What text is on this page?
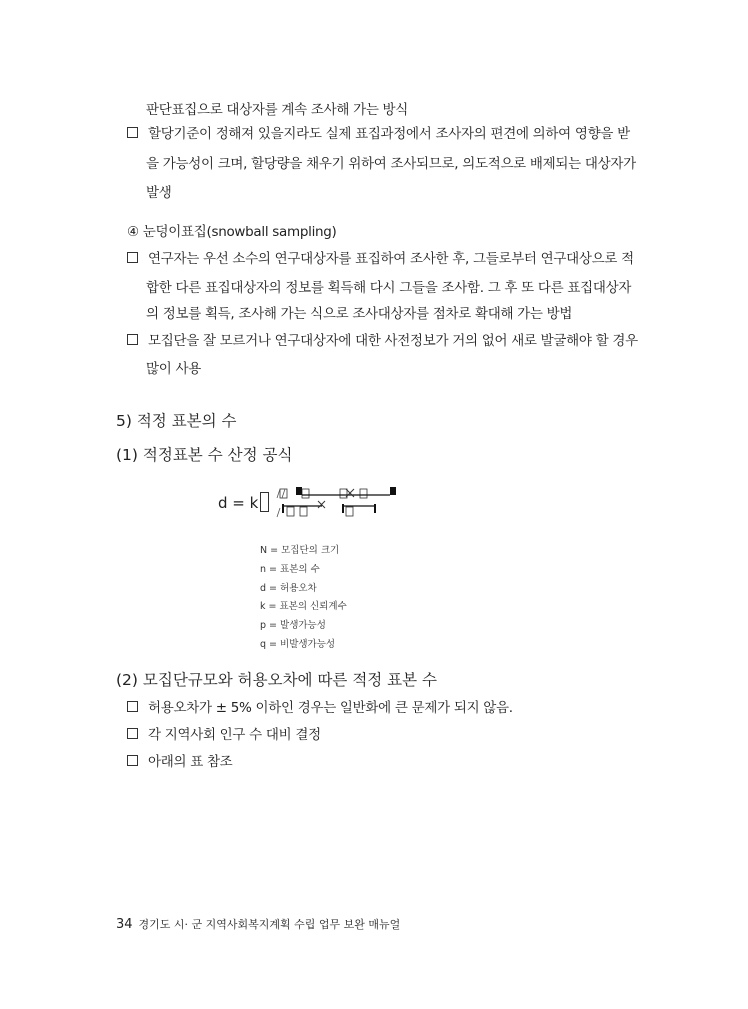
판단표집으로 대상자를 계속 조사해 가는 방식
할당기준이 정해져 있을지라도 실제 표집과정에서 조사자의 편견에 의하여 영향을 받
을 가능성이 크며, 할당량을 채우기 위하여 조사되므로, 의도적으로 배제되는 대상자가
발생
④ 눈덩이표집(snowball sampling)
연구자는 우선 소수의 연구대상자를 표집하여 조사한 후, 그들로부터 연구대상으로 적
합한 다른 표집대상자의 정보를 획득해 다시 그들을 조사함. 그 후 또 다른 표집대상자
의 정보를 획득, 조사해 가는 식으로 조사대상자를 점차로 확대해 가는 방법
모집단을 잘 모르거나 연구대상자에 대한 사전정보가 거의 없어 새로 발굴해야 할 경우
많이 사용
5) 적정 표본의 수
(1) 적정표본 수 산정 공식
d = k
N = 모집단의 크기
n = 표본의 수
d = 허용오차
k = 표본의 신뢰계수
p = 발생가능성
q = 비발생가능성
(2) 모집단규모와 허용오차에 따른 적정 표본 수
허용오차가 ± 5% 이하인 경우는 일반화에 큰 문제가 되지 않음.
각 지역사회 인구 수 대비 결정
아래의 표 참조
34 경기도 시· 군 지역사회복지계획 수립 업무 보완 매뉴얼
